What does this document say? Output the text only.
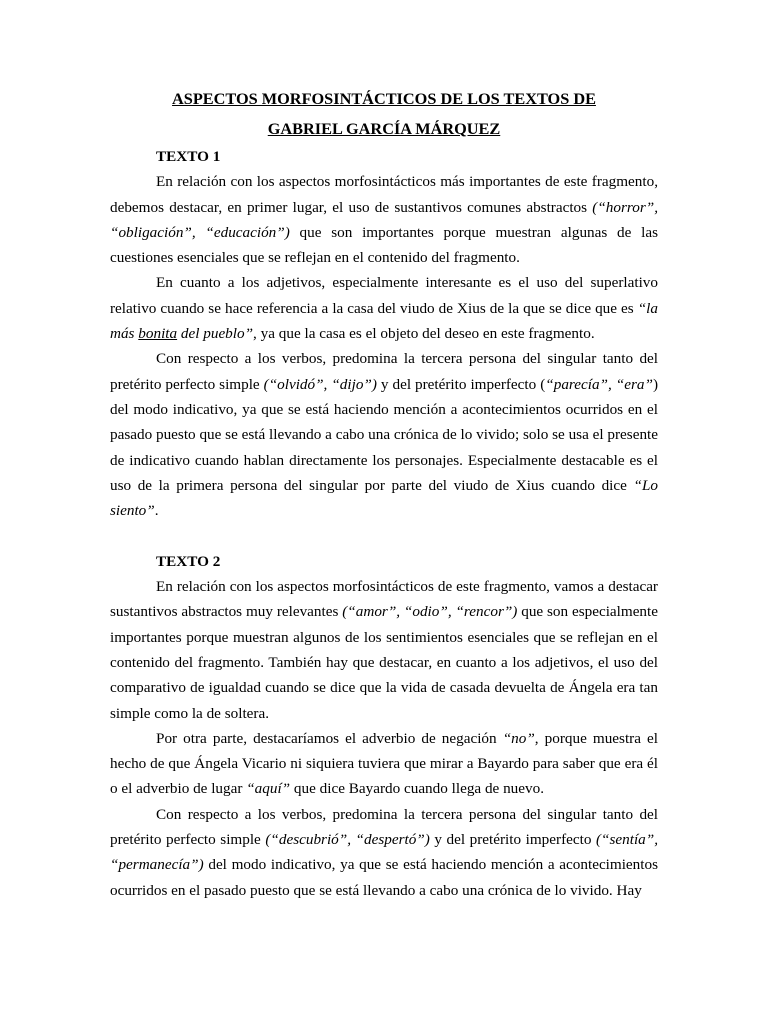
ASPECTOS MORFOSINTÁCTICOS DE LOS TEXTOS DE
GABRIEL GARCÍA MÁRQUEZ

TEXTO 1

En relación con los aspectos morfosintácticos más importantes de este fragmento, debemos destacar, en primer lugar, el uso de sustantivos comunes abstractos (“horror”, “obligación”, “educación”) que son importantes porque muestran algunas de las cuestiones esenciales que se reflejan en el contenido del fragmento.

En cuanto a los adjetivos, especialmente interesante es el uso del superlativo relativo cuando se hace referencia a la casa del viudo de Xius de la que se dice que es “la más bonita del pueblo”, ya que la casa es el objeto del deseo en este fragmento.

Con respecto a los verbos, predomina la tercera persona del singular tanto del pretérito perfecto simple (“olvidó”, “dijo”) y del pretérito imperfecto (“parecía”, “era”) del modo indicativo, ya que se está haciendo mención a acontecimientos ocurridos en el pasado puesto que se está llevando a cabo una crónica de lo vivido; solo se usa el presente de indicativo cuando hablan directamente los personajes. Especialmente destacable es el uso de la primera persona del singular por parte del viudo de Xius cuando dice “Lo siento”.

TEXTO 2

En relación con los aspectos morfosintácticos de este fragmento, vamos a destacar sustantivos abstractos muy relevantes (“amor”, “odio”, “rencor”) que son especialmente importantes porque muestran algunos de los sentimientos esenciales que se reflejan en el contenido del fragmento. También hay que destacar, en cuanto a los adjetivos, el uso del comparativo de igualdad cuando se dice que la vida de casada devuelta de Ángela era tan simple como la de soltera.

Por otra parte, destacaríamos el adverbio de negación “no”, porque muestra el hecho de que Ángela Vicario ni siquiera tuviera que mirar a Bayardo para saber que era él o el adverbio de lugar “aquí” que dice Bayardo cuando llega de nuevo.

Con respecto a los verbos, predomina la tercera persona del singular tanto del pretérito perfecto simple (“descubrió”, “despertó”) y del pretérito imperfecto (“sentía”, “permanecía”) del modo indicativo, ya que se está haciendo mención a acontecimientos ocurridos en el pasado puesto que se está llevando a cabo una crónica de lo vivido. Hay
